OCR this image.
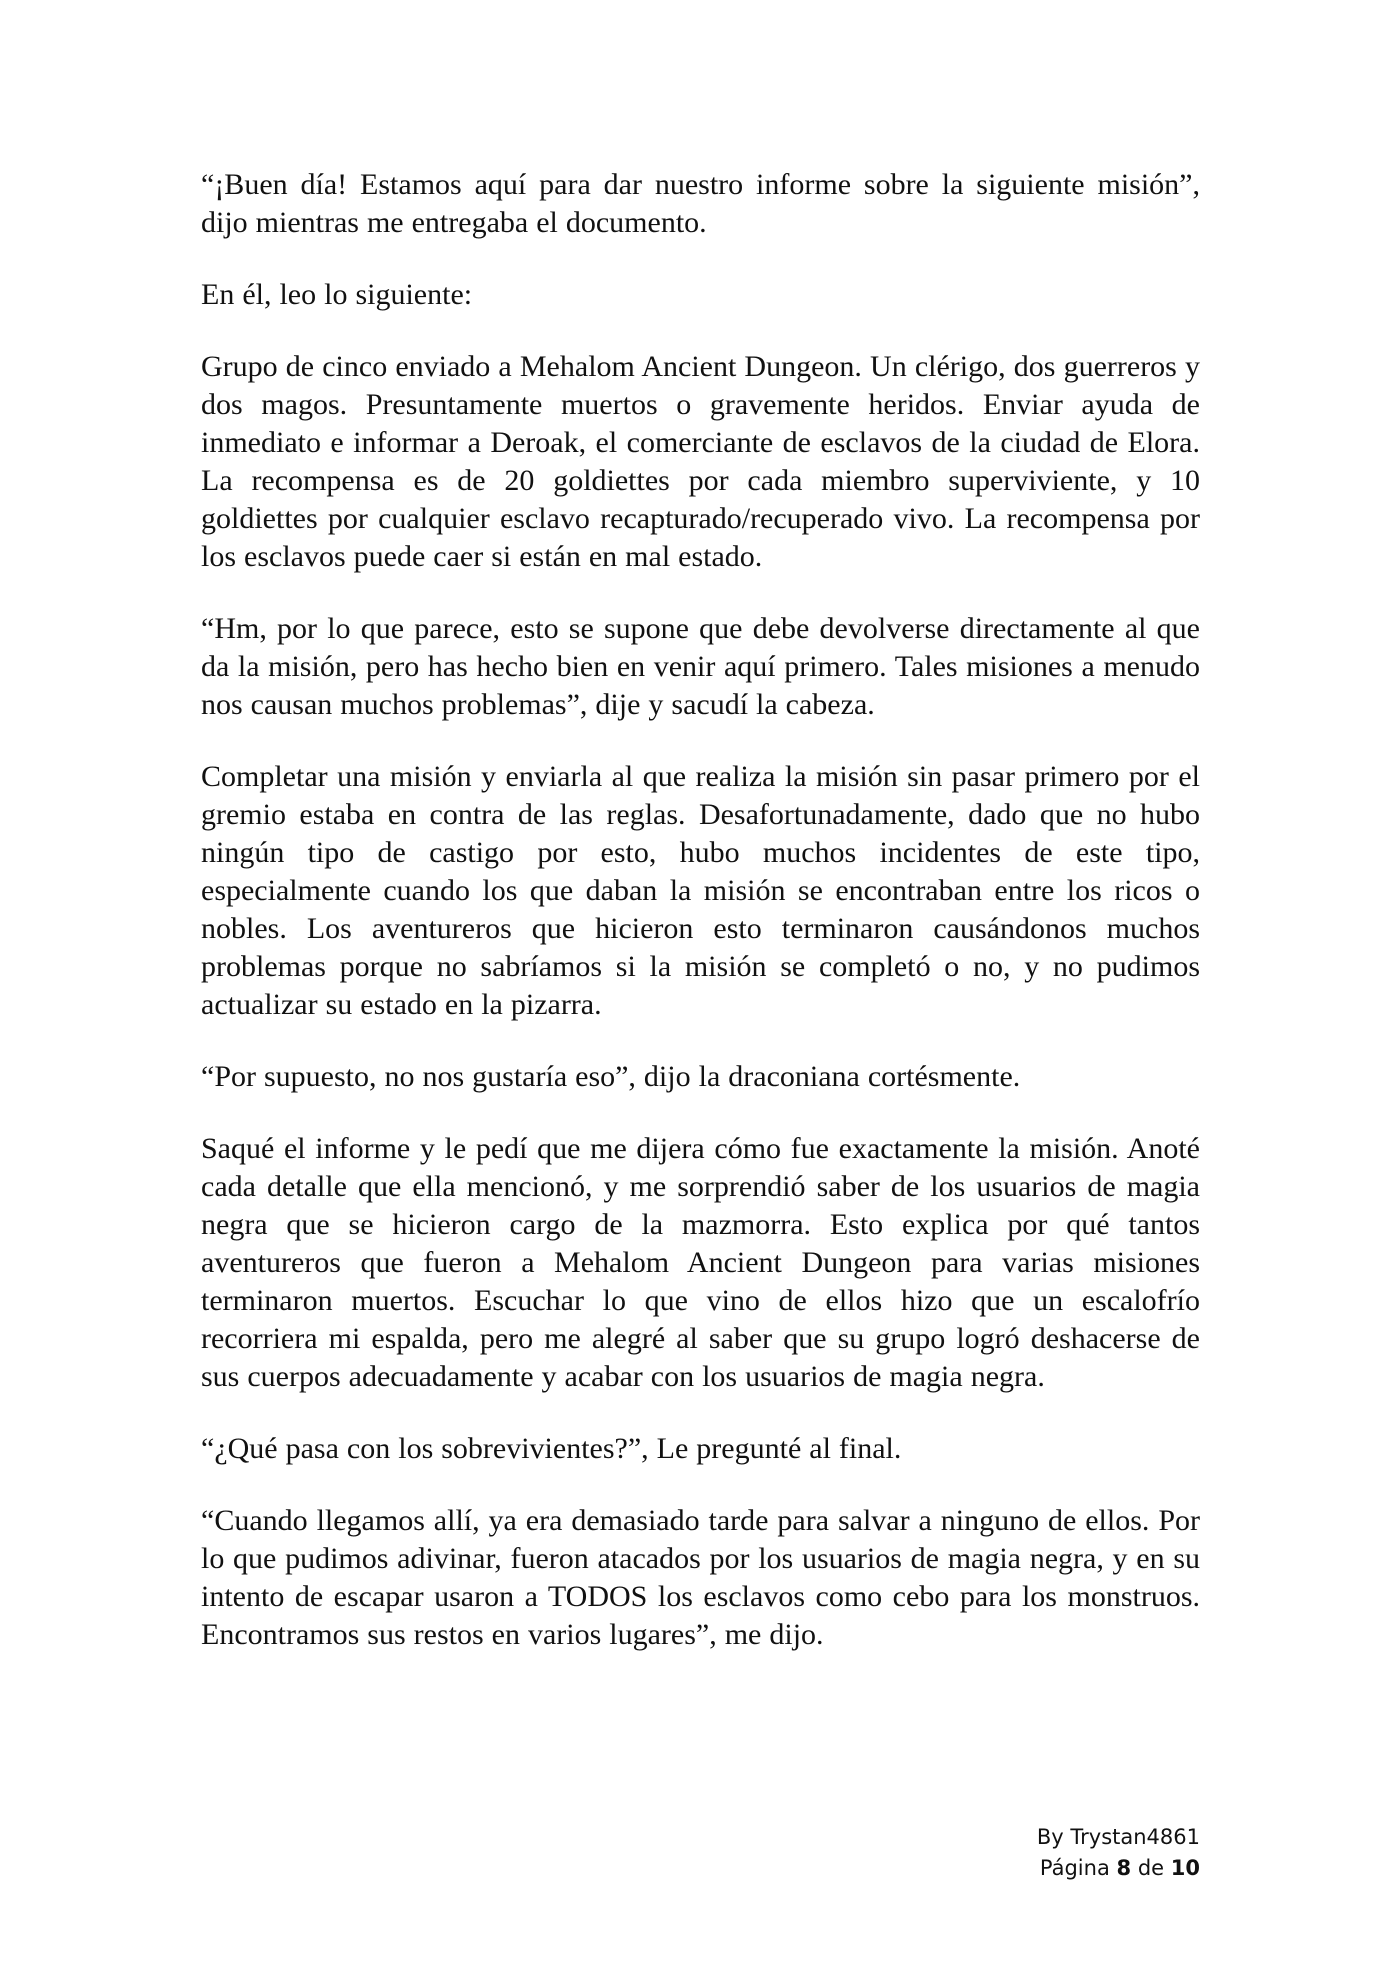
“¡Buen día! Estamos aquí para dar nuestro informe sobre la siguiente misión”, dijo mientras me entregaba el documento.

En él, leo lo siguiente:

Grupo de cinco enviado a Mehalom Ancient Dungeon. Un clérigo, dos guerreros y dos magos. Presuntamente muertos o gravemente heridos. Enviar ayuda de inmediato e informar a Deroak, el comerciante de esclavos de la ciudad de Elora. La recompensa es de 20 goldiettes por cada miembro superviviente, y 10 goldiettes por cualquier esclavo recapturado/recuperado vivo. La recompensa por los esclavos puede caer si están en mal estado.

“Hm, por lo que parece, esto se supone que debe devolverse directamente al que da la misión, pero has hecho bien en venir aquí primero. Tales misiones a menudo nos causan muchos problemas”, dije y sacudí la cabeza.

Completar una misión y enviarla al que realiza la misión sin pasar primero por el gremio estaba en contra de las reglas. Desafortunadamente, dado que no hubo ningún tipo de castigo por esto, hubo muchos incidentes de este tipo, especialmente cuando los que daban la misión se encontraban entre los ricos o nobles. Los aventureros que hicieron esto terminaron causándonos muchos problemas porque no sabríamos si la misión se completó o no, y no pudimos actualizar su estado en la pizarra.

“Por supuesto, no nos gustaría eso”, dijo la draconiana cortésmente.

Saqué el informe y le pedí que me dijera cómo fue exactamente la misión. Anoté cada detalle que ella mencionó, y me sorprendió saber de los usuarios de magia negra que se hicieron cargo de la mazmorra. Esto explica por qué tantos aventureros que fueron a Mehalom Ancient Dungeon para varias misiones terminaron muertos. Escuchar lo que vino de ellos hizo que un escalofrío recorriera mi espalda, pero me alegré al saber que su grupo logró deshacerse de sus cuerpos adecuadamente y acabar con los usuarios de magia negra.

“¿Qué pasa con los sobrevivientes?”, Le pregunté al final.

“Cuando llegamos allí, ya era demasiado tarde para salvar a ninguno de ellos. Por lo que pudimos adivinar, fueron atacados por los usuarios de magia negra, y en su intento de escapar usaron a TODOS los esclavos como cebo para los monstruos. Encontramos sus restos en varios lugares”, me dijo.

By Trystan4861
Página 8 de 10
